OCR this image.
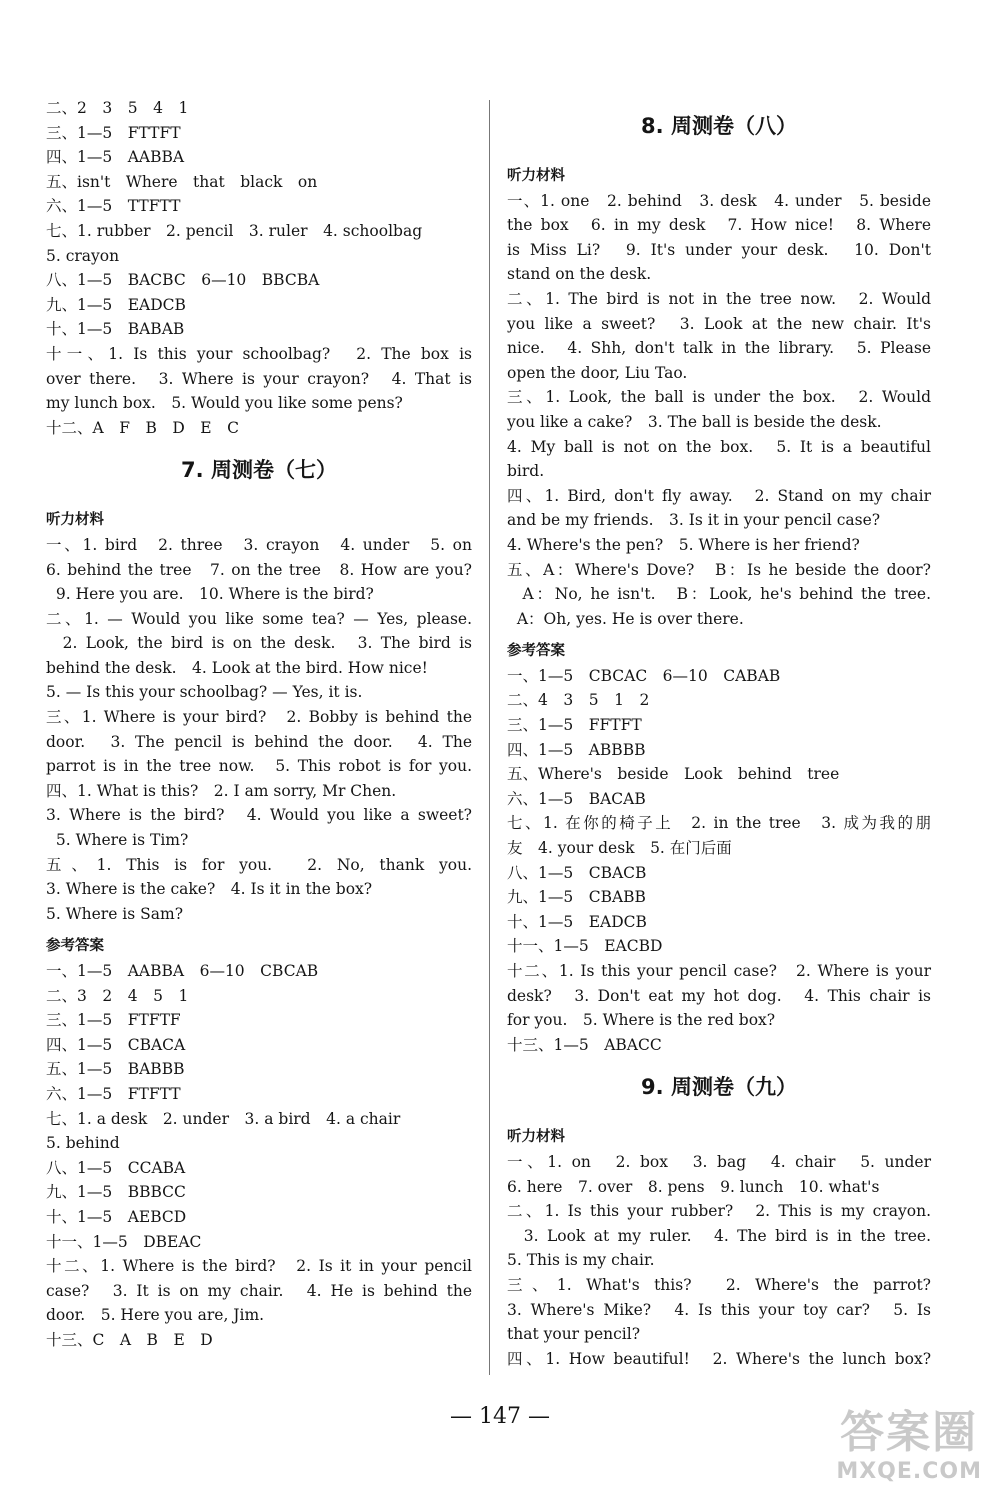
二、2　3　5　4　1
三、1—5　FTTFT
四、1—5　AABBA
五、isn't　Where　that　black　on
六、1—5　TTFTT
七、1. rubber　2. pencil　3. ruler　4. schoolbag
5. crayon
八、1—5　BACBC　6—10　BBCBA
九、1—5　EADCB
十、1—5　BABAB
十一、1. Is this your schoolbag?　2. The box is
over there.　3. Where is your crayon?　4. That is
my lunch box.　5. Would you like some pens?
十二、A　F　B　D　E　C
7. 周测卷（七）
听力材料
一、1. bird　2. three　3. crayon　4. under　5. on
6. behind the tree　7. on the tree　8. How are you?
9. Here you are.　10. Where is the bird?
二、1. — Would you like some tea? — Yes, please.
2. Look, the bird is on the desk.　3. The bird is
behind the desk.　4. Look at the bird. How nice!
5. — Is this your schoolbag? — Yes, it is.
三、1. Where is your bird?　2. Bobby is behind the
door.　3. The pencil is behind the door.　4. The
parrot is in the tree now.　5. This robot is for you.
四、1. What is this?　2. I am sorry, Mr Chen.
3. Where is the bird?　4. Would you like a sweet?
5. Where is Tim?
五、1. This is for you.　2. No, thank you.
3. Where is the cake?　4. Is it in the box?
5. Where is Sam?
参考答案
一、1—5　AABBA　6—10　CBCAB
二、3　2　4　5　1
三、1—5　FTFTF
四、1—5　CBACA
五、1—5　BABBB
六、1—5　FTFTT
七、1. a desk　2. under　3. a bird　4. a chair
5. behind
八、1—5　CCABA
九、1—5　BBBCC
十、1—5　AEBCD
十一、1—5　DBEAC
十二、1. Where is the bird?　2. Is it in your pencil
case?　3. It is on my chair.　4. He is behind the
door.　5. Here you are, Jim.
十三、C　A　B　E　D
8. 周测卷（八）
听力材料
一、1. one　2. behind　3. desk　4. under　5. beside
the box　6. in my desk　7. How nice!　8. Where
is Miss Li?　9. It's under your desk.　10. Don't
stand on the desk.
二、1. The bird is not in the tree now.　2. Would
you like a sweet?　3. Look at the new chair. It's
nice.　4. Shh, don't talk in the library.　5. Please
open the door, Liu Tao.
三、1. Look, the ball is under the box.　2. Would
you like a cake?　3. The ball is beside the desk.
4. My ball is not on the box.　5. It is a beautiful
bird.
四、1. Bird, don't fly away.　2. Stand on my chair
and be my friends.　3. Is it in your pencil case?
4. Where's the pen?　5. Where is her friend?
五、A：Where's Dove?　B：Is he beside the door?
A：No, he isn't.　B：Look, he's behind the tree.
A：Oh, yes. He is over there.
参考答案
一、1—5　CBCAC　6—10　CABAB
二、4　3　5　1　2
三、1—5　FFTFT
四、1—5　ABBBB
五、Where's　beside　Look　behind　tree
六、1—5　BACAB
七、1. 在你的椅子上　2. in the tree　3. 成为我的朋
友　4. your desk　5. 在门后面
八、1—5　CBACB
九、1—5　CBABB
十、1—5　EADCB
十一、1—5　EACBD
十二、1. Is this your pencil case?　2. Where is your
desk?　3. Don't eat my hot dog.　4. This chair is
for you.　5. Where is the red box?
十三、1—5　ABACC
9. 周测卷（九）
听力材料
一、1. on　2. box　3. bag　4. chair　5. under
6. here　7. over　8. pens　9. lunch　10. what's
二、1. Is this your rubber?　2. This is my crayon.
3. Look at my ruler.　4. The bird is in the tree.
5. This is my chair.
三、1. What's this?　2. Where's the parrot?
3. Where's Mike?　4. Is this your toy car?　5. Is
that your pencil?
四、1. How beautiful!　2. Where's the lunch box?
— 147 —	答案圈
MXQE.COM
